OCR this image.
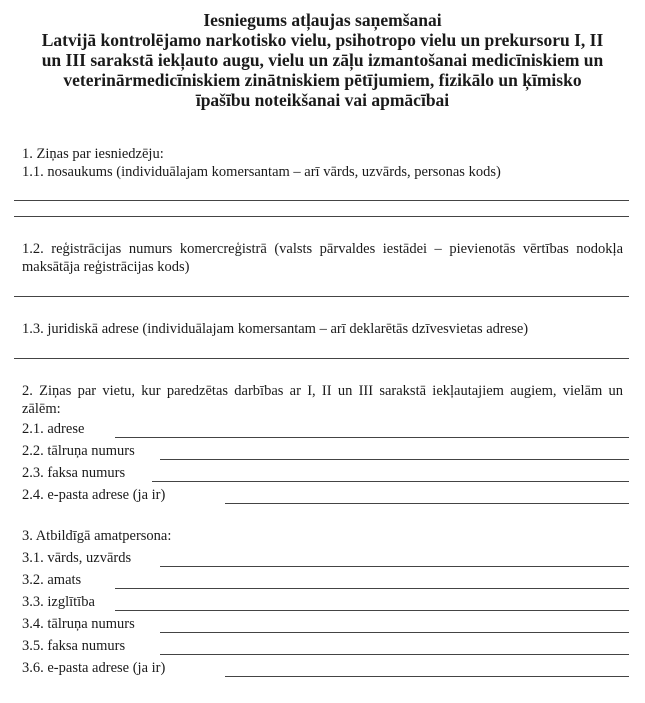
Iesniegums atļaujas saņemšanai
Latvijā kontrolējamo narkotisko vielu, psihotropo vielu un prekursoru I, II
un III sarakstā iekļauto augu, vielu un zāļu izmantošanai medicīniskiem un
veterinārmedicīniskiem zinātniskiem pētījumiem, fizikālo un ķīmisko
īpašību noteikšanai vai apmācībai
1. Ziņas par iesniedzēju:
1.1. nosaukums (individuālajam komersantam – arī vārds, uzvārds, personas kods)
1.2. reģistrācijas numurs komercreģistrā (valsts pārvaldes iestādei – pievienotās vērtības nodokļa maksātāja reģistrācijas kods)
1.3. juridiskā adrese (individuālajam komersantam – arī deklarētās dzīvesvietas adrese)
2. Ziņas par vietu, kur paredzētas darbības ar I, II un III sarakstā iekļautajiem augiem, vielām un zālēm:
2.1. adrese
2.2. tālruņa numurs
2.3. faksa numurs
2.4. e-pasta adrese (ja ir)
3. Atbildīgā amatpersona:
3.1. vārds, uzvārds
3.2. amats
3.3. izglītība
3.4. tālruņa numurs
3.5. faksa numurs
3.6. e-pasta adrese (ja ir)
